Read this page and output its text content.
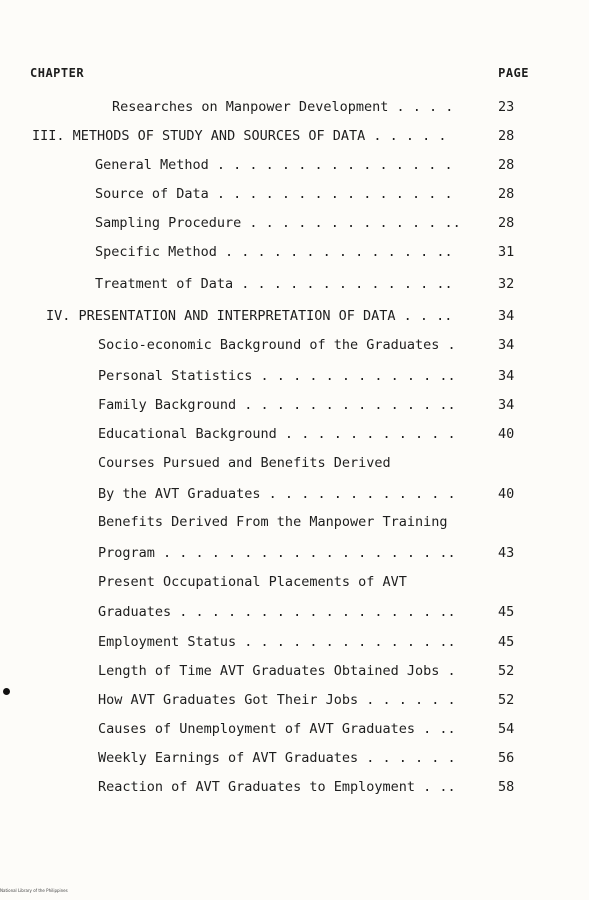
CHAPTER	PAGE
Researches on Manpower Development . . . .	23
III. METHODS OF STUDY AND SOURCES OF DATA . . . . .	28
General Method . . . . . . . . . . . . . . .	28
Source of Data . . . . . . . . . . . . . . .	28
Sampling Procedure . . . . . . . . . . . . ..	28
Specific Method . . . . . . . . . . . . . ..	31
Treatment of Data . . . . . . . . . . . . ..	32
IV. PRESENTATION AND INTERPRETATION OF DATA . . ..	34
Socio-economic Background of the Graduates .	34
Personal Statistics . . . . . . . . . . . ..	34
Family Background . . . . . . . . . . . . ..	34
Educational Background . . . . . . . . . . .	40
Courses Pursued and Benefits Derived
By the AVT Graduates . . . . . . . . . . . .	40
Benefits Derived From the Manpower Training
Program . . . . . . . . . . . . . . . . . ..	43
Present Occupational Placements of AVT
Graduates . . . . . . . . . . . . . . . . ..	45
Employment Status . . . . . . . . . . . . ..	45
Length of Time AVT Graduates Obtained Jobs .	52
How AVT Graduates Got Their Jobs . . . . . .	52
Causes of Unemployment of AVT Graduates . ..	54
Weekly Earnings of AVT Graduates . . . . . .	56
Reaction of AVT Graduates to Employment . ..	58
National Library of the Philippines
